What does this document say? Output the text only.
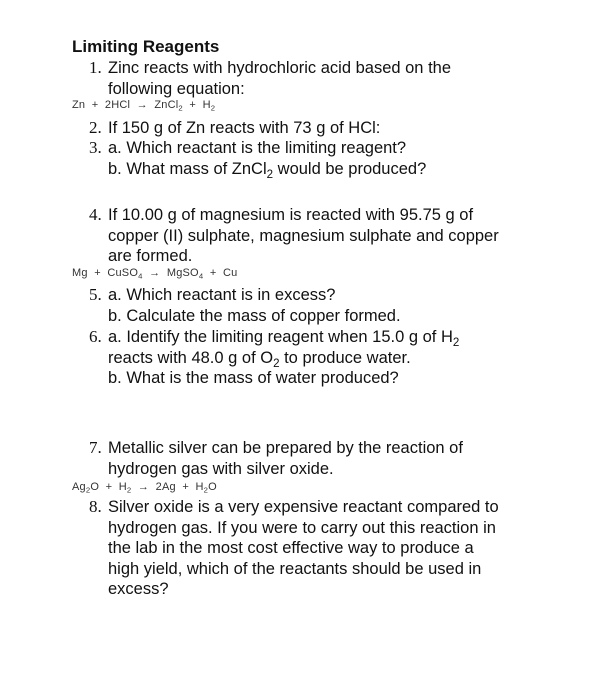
Limiting Reagents
1. Zinc reacts with hydrochloric acid based on the
following equation:
Zn + 2HCl → ZnCl$_2$ + $H_2$
2. If 150 g of Zn reacts with 73 g of HCl:
3. a. Which reactant is the limiting reagent?
b. What mass of ZnCl$_2$ would be produced?
4. If 10.00 g of magnesium is reacted with 95.75 g of
copper (II) sulphate, magnesium sulphate and copper
are formed.
Mg + CuSO$_4$ → MgSO$_4$ + Cu
5. a. Which reactant is in excess?
b. Calculate the mass of copper formed.
6. a. Identify the limiting reagent when 15.0 g of $H_2$
reacts with 48.0 g of $O_2$ to produce water.
b. What is the mass of water produced?
7. Metallic silver can be prepared by the reaction of
hydrogen gas with silver oxide.
$Ag_2O + H_2 \to 2Ag + H_2O$
8. Silver oxide is a very expensive reactant compared to
hydrogen gas. If you were to carry out this reaction in
the lab in the most cost effective way to produce a
high yield, which of the reactants should be used in
excess?
